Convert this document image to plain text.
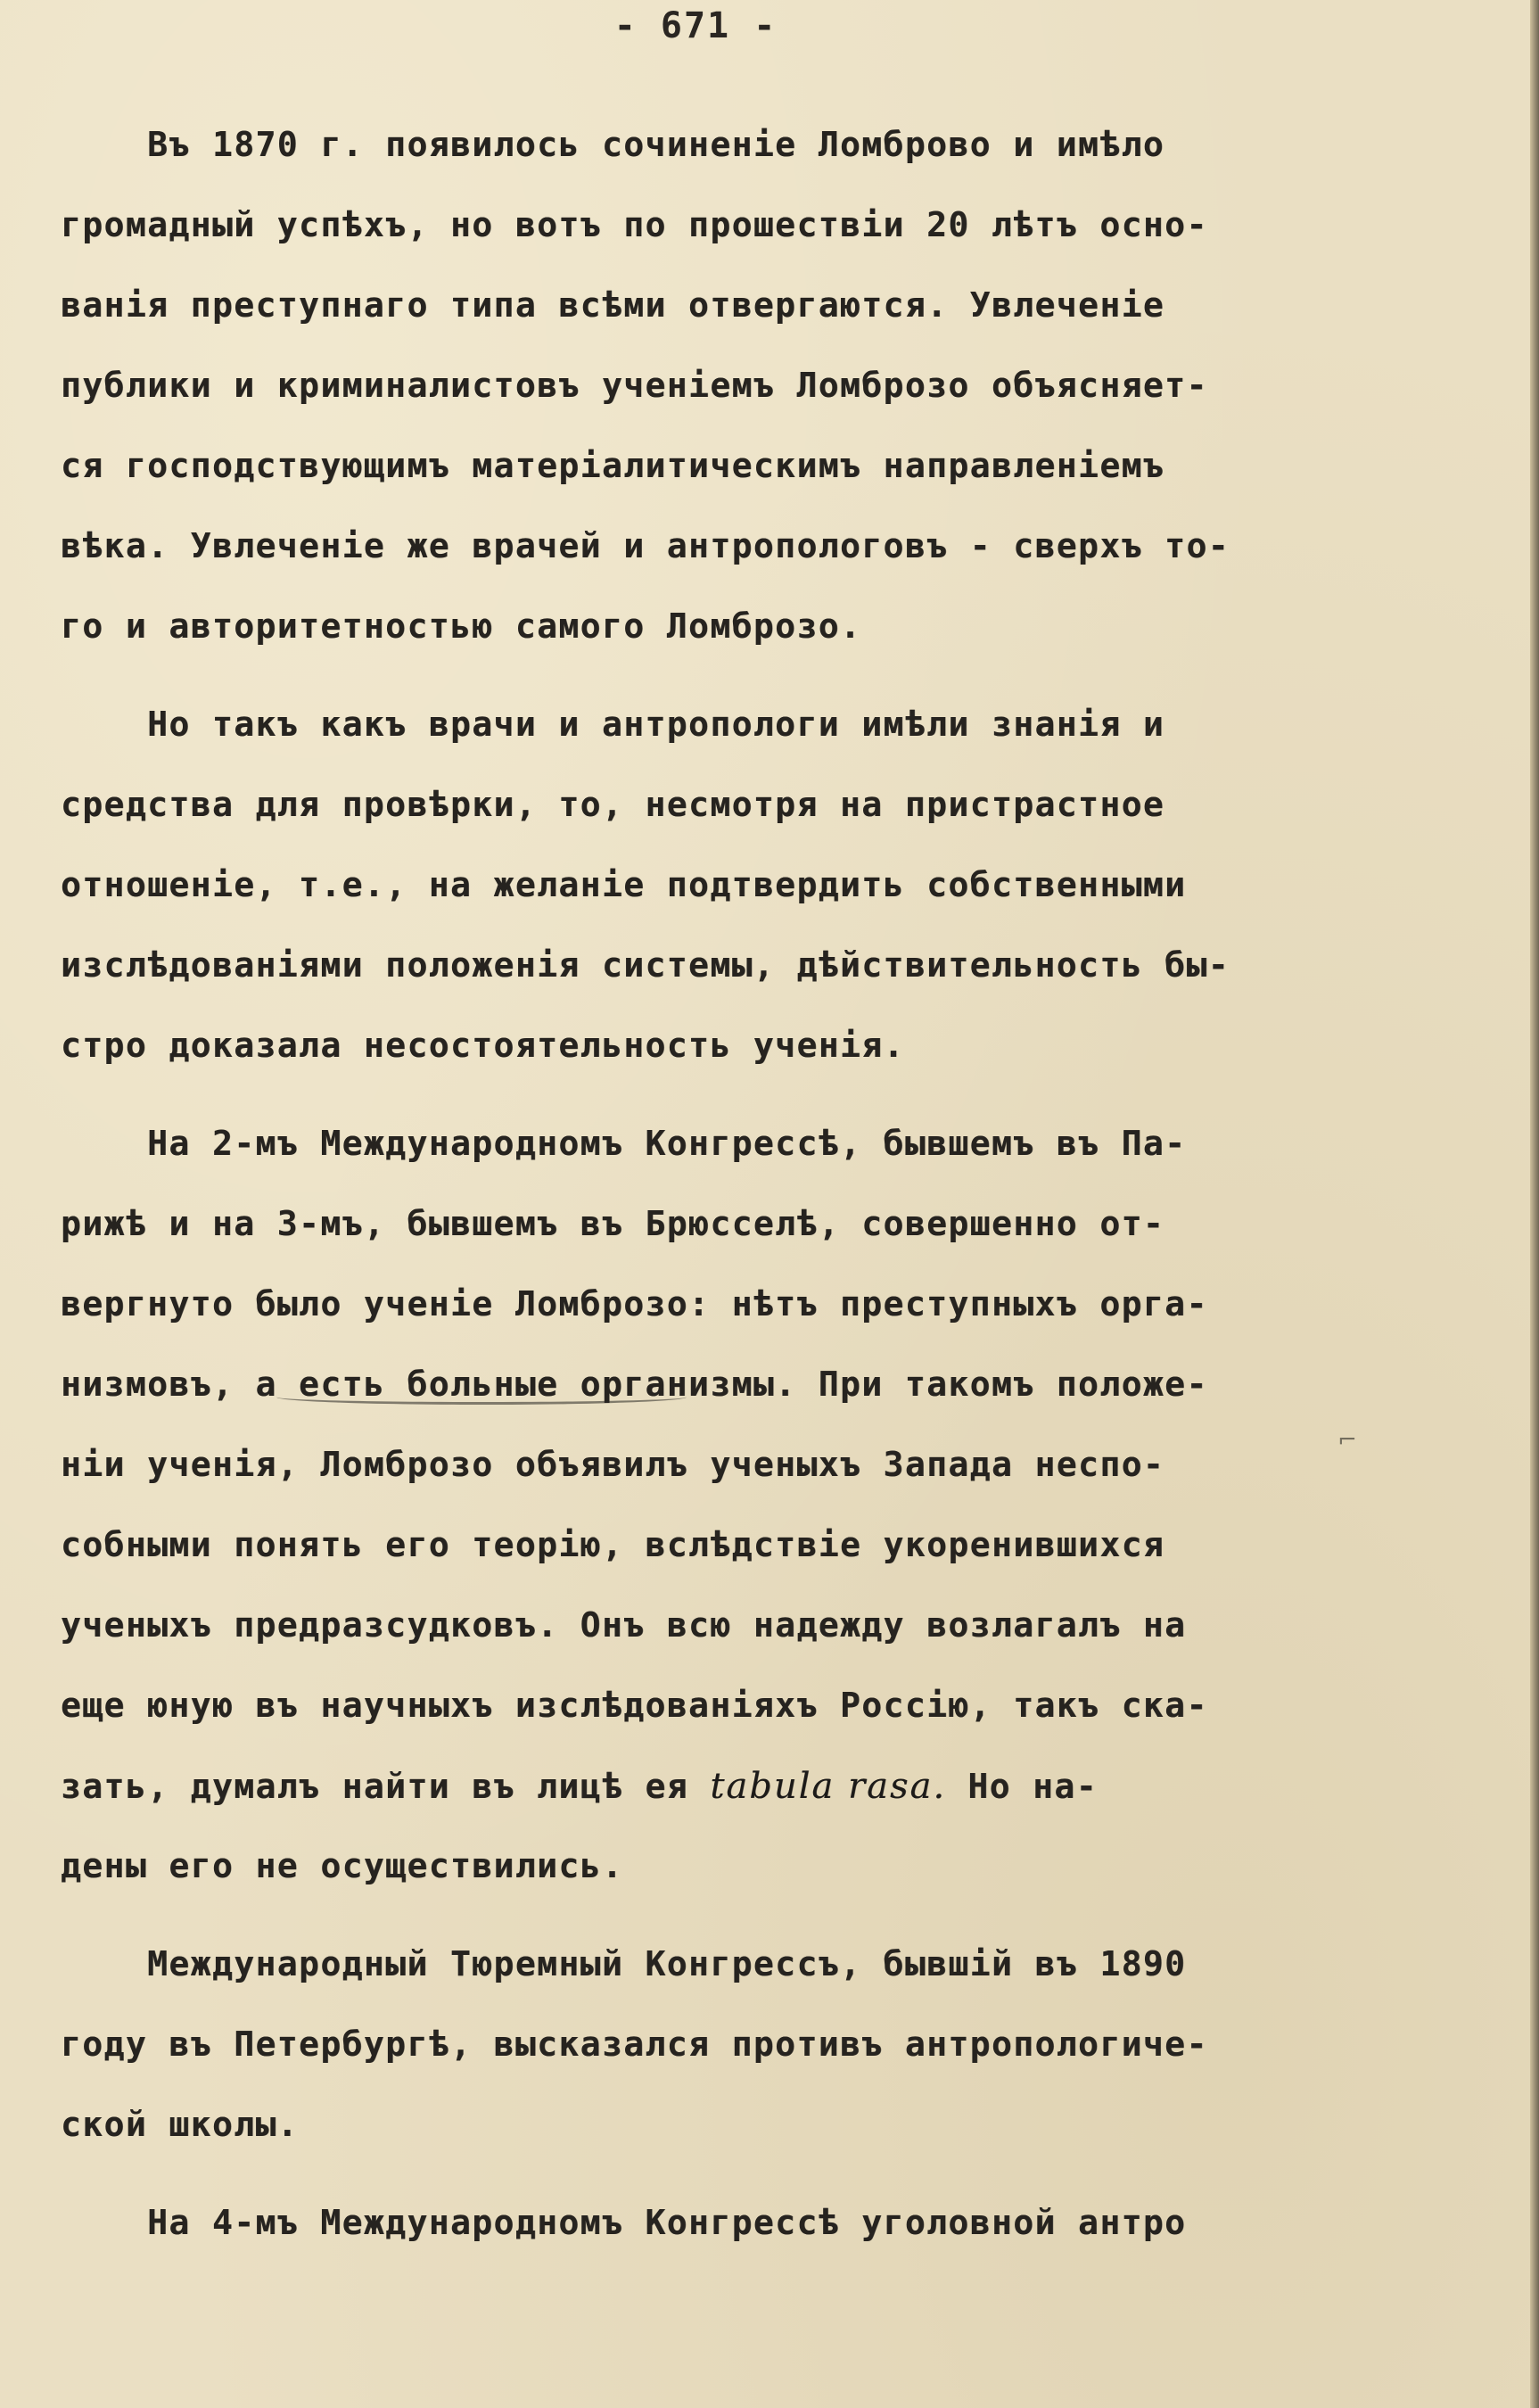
- 671 -
Въ 1870 г. появилось сочиненіе Ломброво и имѣло
громадный успѣхъ, но вотъ по прошествіи 20 лѣтъ осно-
ванія преступнаго типа всѣми отвергаются. Увлеченіе
публики и криминалистовъ ученіемъ Ломброзо объясняет-
ся господствующимъ матеріалитическимъ направленіемъ
вѣка. Увлеченіе же врачей и антропологовъ - сверхъ то-
го и авторитетностью самого Ломброзо.
Но такъ какъ врачи и антропологи имѣли знанія и
средства для провѣрки, то, несмотря на пристрастное
отношеніе, т.е., на желаніе подтвердить собственными
изслѣдованіями положенія системы, дѣйствительность бы-
стро доказала несостоятельность ученія.
На 2-мъ Международномъ Конгрессѣ, бывшемъ въ Па-
рижѣ и на 3-мъ, бывшемъ въ Брюсселѣ, совершенно от-
вергнуто было ученіе Ломброзо: нѣтъ преступныхъ орга-
низмовъ, а есть больные организмы. При такомъ положе-
ніи ученія, Ломброзо объявилъ ученыхъ Запада неспо-
собными понять его теорію, вслѣдствіе укоренившихся
ученыхъ предразсудковъ. Онъ всю надежду возлагалъ на
еще юную въ научныхъ изслѣдованіяхъ Россію, такъ ска-
зать, думалъ найти въ лицѣ ея tabula rasa. Но на-
дены его не осуществились.
Международный Тюремный Конгрессъ, бывшій въ 1890
году въ Петербургѣ, высказался противъ антропологиче-
ской школы.
На 4-мъ Международномъ Конгрессѣ уголовной антро
⌐
